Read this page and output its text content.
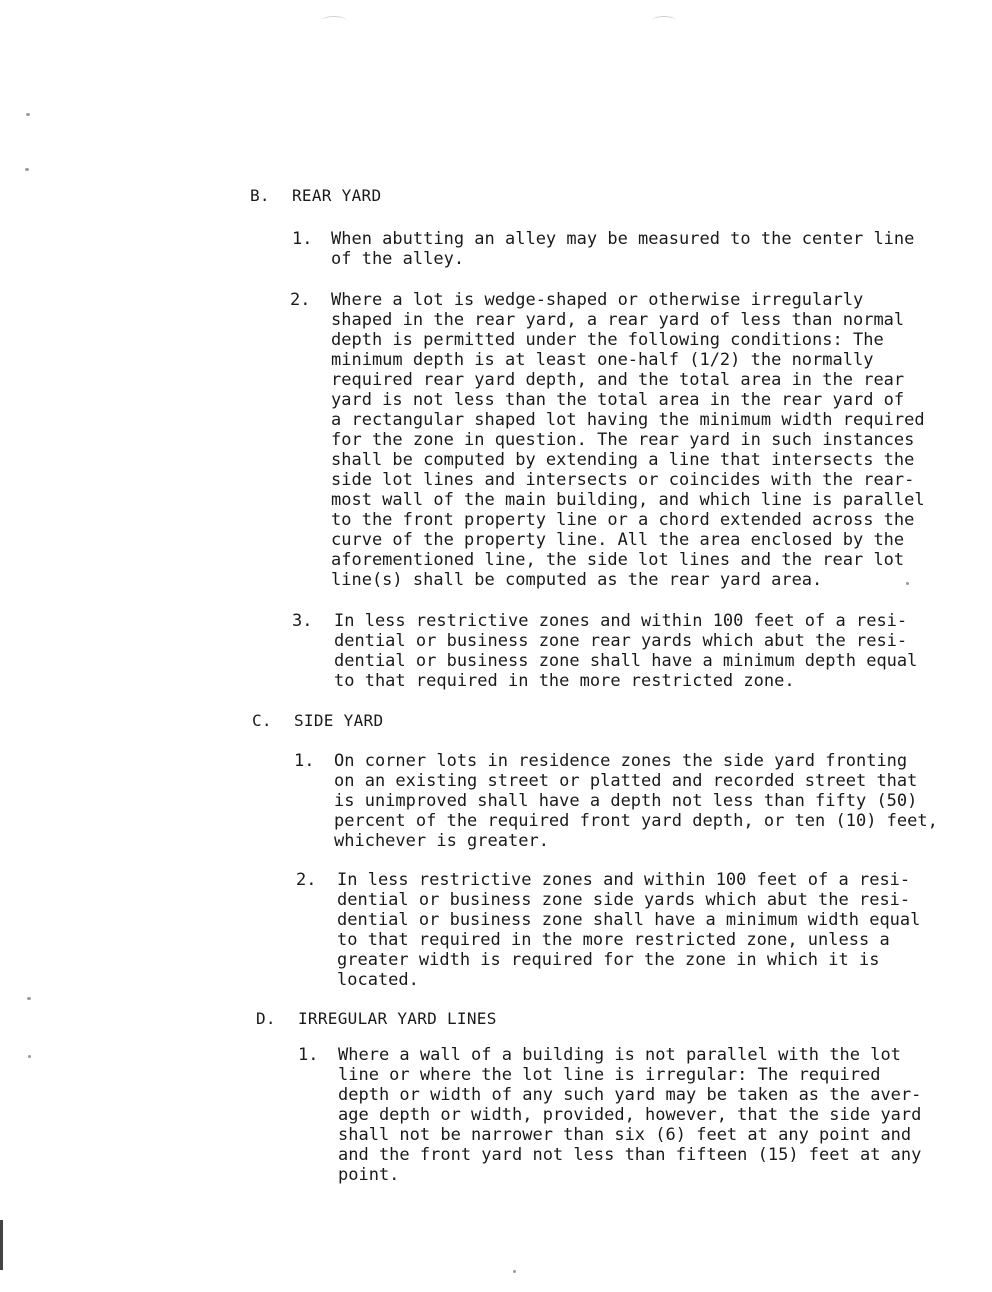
B. REAR YARD
1. When abutting an alley may be measured to the center line
of the alley.
2. Where a lot is wedge-shaped or otherwise irregularly
shaped in the rear yard, a rear yard of less than normal
depth is permitted under the following conditions: The
minimum depth is at least one-half (1/2) the normally
required rear yard depth, and the total area in the rear
yard is not less than the total area in the rear yard of
a rectangular shaped lot having the minimum width required
for the zone in question. The rear yard in such instances
shall be computed by extending a line that intersects the
side lot lines and intersects or coincides with the rear-
most wall of the main building, and which line is parallel
to the front property line or a chord extended across the
curve of the property line. All the area enclosed by the
aforementioned line, the side lot lines and the rear lot
line(s) shall be computed as the rear yard area.
3. In less restrictive zones and within 100 feet of a resi-
dential or business zone rear yards which abut the resi-
dential or business zone shall have a minimum depth equal
to that required in the more restricted zone.
C. SIDE YARD
1. On corner lots in residence zones the side yard fronting
on an existing street or platted and recorded street that
is unimproved shall have a depth not less than fifty (50)
percent of the required front yard depth, or ten (10) feet,
whichever is greater.
2. In less restrictive zones and within 100 feet of a resi-
dential or business zone side yards which abut the resi-
dential or business zone shall have a minimum width equal
to that required in the more restricted zone, unless a
greater width is required for the zone in which it is
located.
D. IRREGULAR YARD LINES
1. Where a wall of a building is not parallel with the lot
line or where the lot line is irregular: The required
depth or width of any such yard may be taken as the aver-
age depth or width, provided, however, that the side yard
shall not be narrower than six (6) feet at any point and
and the front yard not less than fifteen (15) feet at any
point.
